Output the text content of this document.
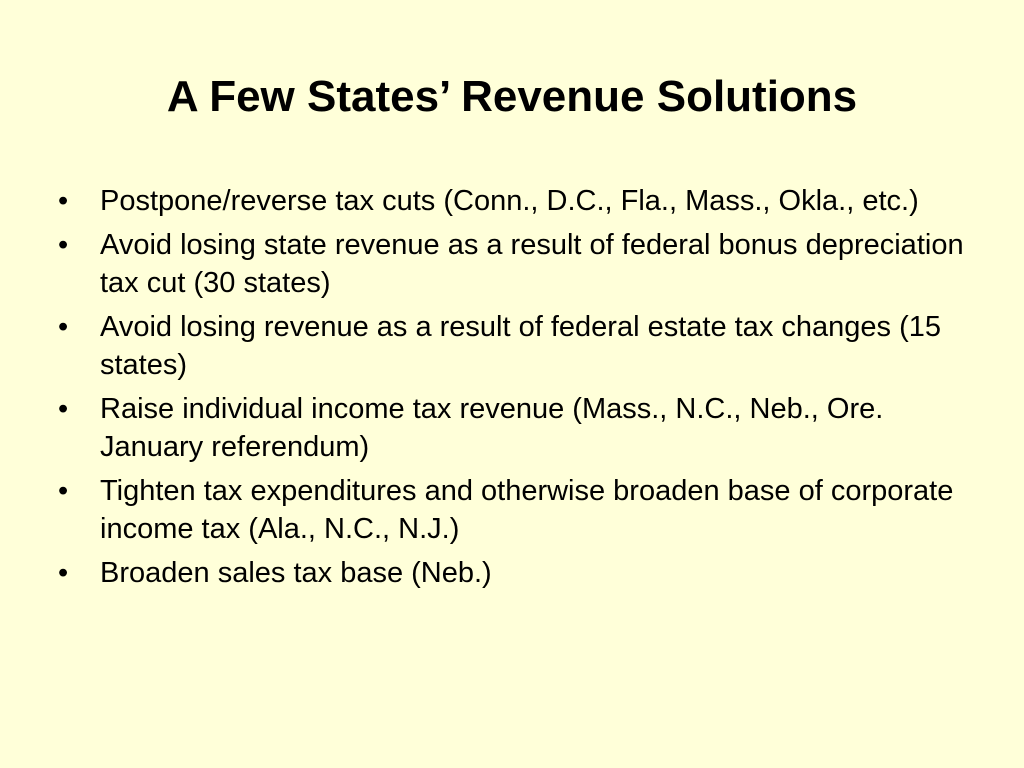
A Few States’ Revenue Solutions
• Postpone/reverse tax cuts (Conn., D.C., Fla., Mass., Okla., etc.)
• Avoid losing state revenue as a result of federal bonus depreciation tax cut (30 states)
• Avoid losing revenue as a result of federal estate tax changes (15 states)
• Raise individual income tax revenue (Mass., N.C., Neb., Ore. January referendum)
• Tighten tax expenditures and otherwise broaden base of corporate income tax (Ala., N.C., N.J.)
• Broaden sales tax base (Neb.)
